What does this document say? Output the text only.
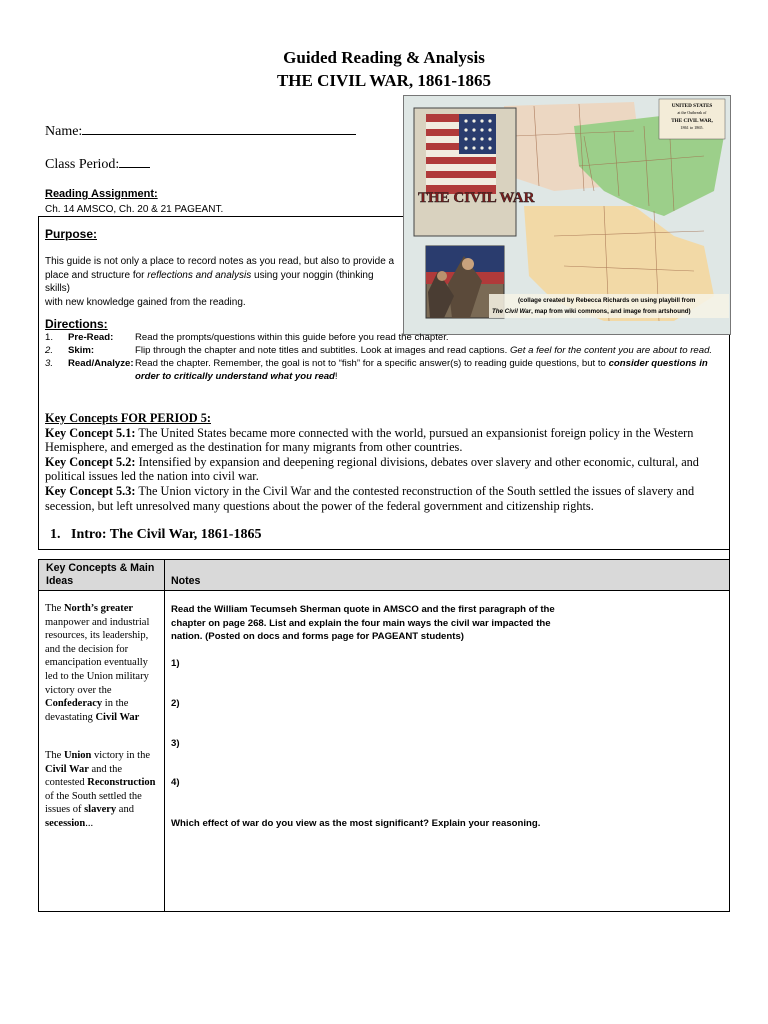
Guided Reading & Analysis
THE CIVIL WAR, 1861-1865
Name:
Class Period:
Reading Assignment:
Ch. 14 AMSCO, Ch. 20 & 21 PAGEANT.
Purpose:
This guide is not only a place to record notes as you read, but also to provide a
place and structure for reflections and analysis using your noggin (thinking skills)
with new knowledge gained from the reading.
UNITED STATES
at the Outbreak of
THE CIVIL WAR,
1861 to 1865.
THE CIVIL WAR
(collage created by Rebecca Richards on using playbill from
The Civil War, map from wiki commons, and image from artshound)
Directions:
1. Pre-Read: Read the prompts/questions within this guide before you read the chapter.
2. Skim:	Flip through the chapter and note titles and subtitles. Look at images and read captions. Get a feel for the content you are about to read.
3. Read/Analyze: Read the chapter. Remember, the goal is not to “fish” for a specific answer(s) to reading guide questions, but to consider questions in order to critically understand what you read!
Key Concepts FOR PERIOD 5:
Key Concept 5.1: The United States became more connected with the world, pursued an expansionist foreign policy in the Western Hemisphere, and emerged as the destination for many migrants from other countries.
Key Concept 5.2: Intensified by expansion and deepening regional divisions, debates over slavery and other economic, cultural, and political issues led the nation into civil war.
Key Concept 5.3: The Union victory in the Civil War and the contested reconstruction of the South settled the issues of slavery and secession, but left unresolved many questions about the power of the federal government and citizenship rights.
1. Intro: The Civil War, 1861-1865
Key Concepts & Main Ideas	Notes
The North’s greater manpower and industrial resources, its leadership, and the decision for emancipation eventually led to the Union military victory over the Confederacy in the devastating Civil War
The Union victory in the Civil War and the contested Reconstruction of the South settled the issues of slavery and secession...
Read the William Tecumseh Sherman quote in AMSCO and the first paragraph of the chapter on page 268. List and explain the four main ways the civil war impacted the nation. (Posted on docs and forms page for PAGEANT students)
1)
2)
3)
4)
Which effect of war do you view as the most significant? Explain your reasoning.
